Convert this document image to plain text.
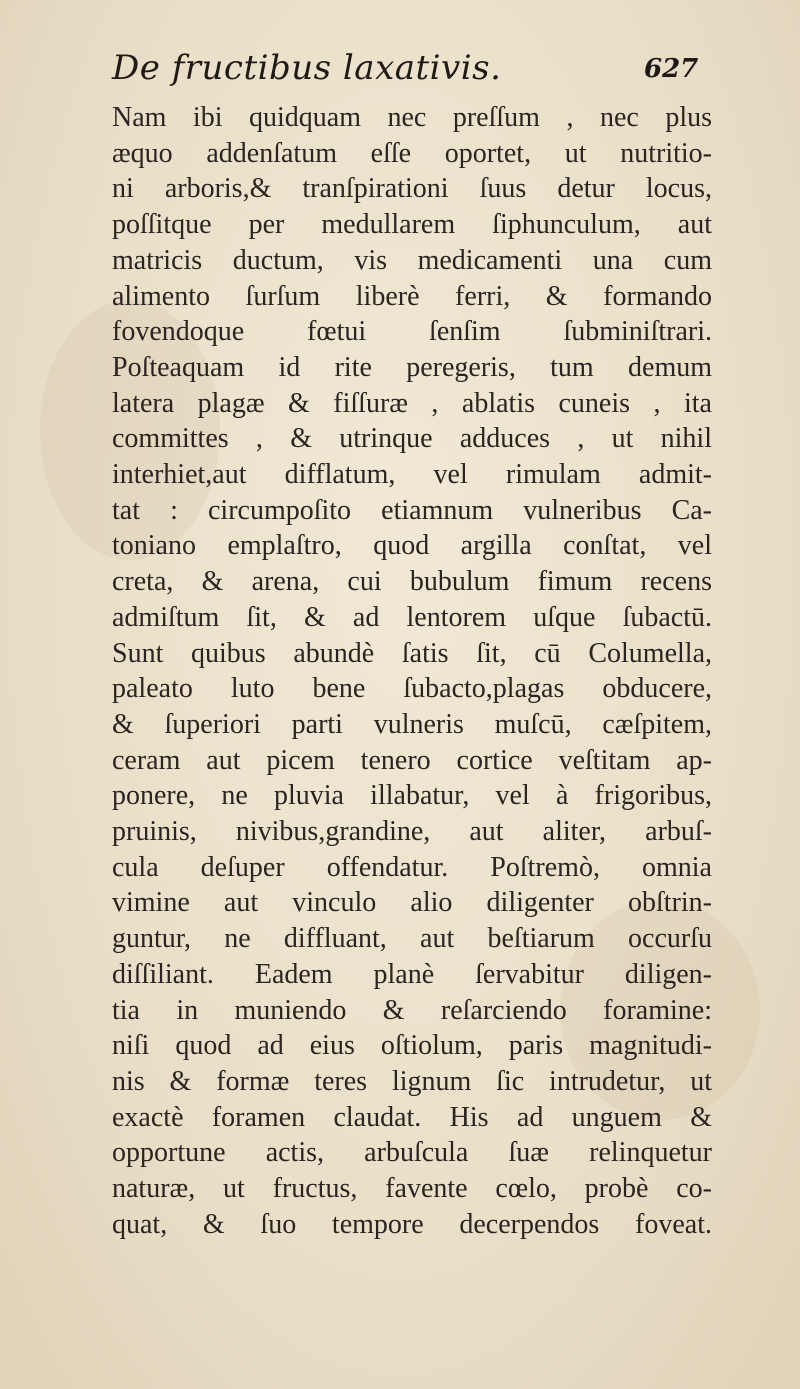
De fructibus laxativis.	627
Nam ibi quidquam nec preſſum , nec plus
æquo addenſatum eſſe oportet, ut nutritio-
ni arboris,& tranſpirationi ſuus detur locus,
poſſitque per medullarem ſiphunculum, aut
matricis ductum, vis medicamenti una cum
alimento ſurſum liberè ferri, & formando
fovendoque fœtui ſenſim ſubminiſtrari.
Poſteaquam id rite peregeris, tum demum
latera plagæ & fiſſuræ , ablatis cuneis , ita
committes , & utrinque adduces , ut nihil
interhiet,aut difflatum, vel rimulam admit-
tat : circumpoſito etiamnum vulneribus Ca-
toniano emplaſtro, quod argilla conſtat, vel
creta, & arena, cui bubulum fimum recens
admiſtum ſit, & ad lentorem uſque ſubactū.
Sunt quibus abundè ſatis ſit, cū Columella,
paleato luto bene ſubacto,plagas obducere,
& ſuperiori parti vulneris muſcū, cæſpitem,
ceram aut picem tenero cortice veſtitam ap-
ponere, ne pluvia illabatur, vel à frigoribus,
pruinis, nivibus,grandine, aut aliter, arbuſ-
cula deſuper offendatur. Poſtremò, omnia
vimine aut vinculo alio diligenter obſtrin-
guntur, ne diffluant, aut beſtiarum occurſu
diſſiliant. Eadem planè ſervabitur diligen-
tia in muniendo & reſarciendo foramine:
niſi quod ad eius oſtiolum, paris magnitudi-
nis & formæ teres lignum ſic intrudetur, ut
exactè foramen claudat. His ad unguem &
opportune actis, arbuſcula ſuæ relinquetur
naturæ, ut fructus, favente cœlo, probè co-
quat, & ſuo tempore decerpendos foveat.
